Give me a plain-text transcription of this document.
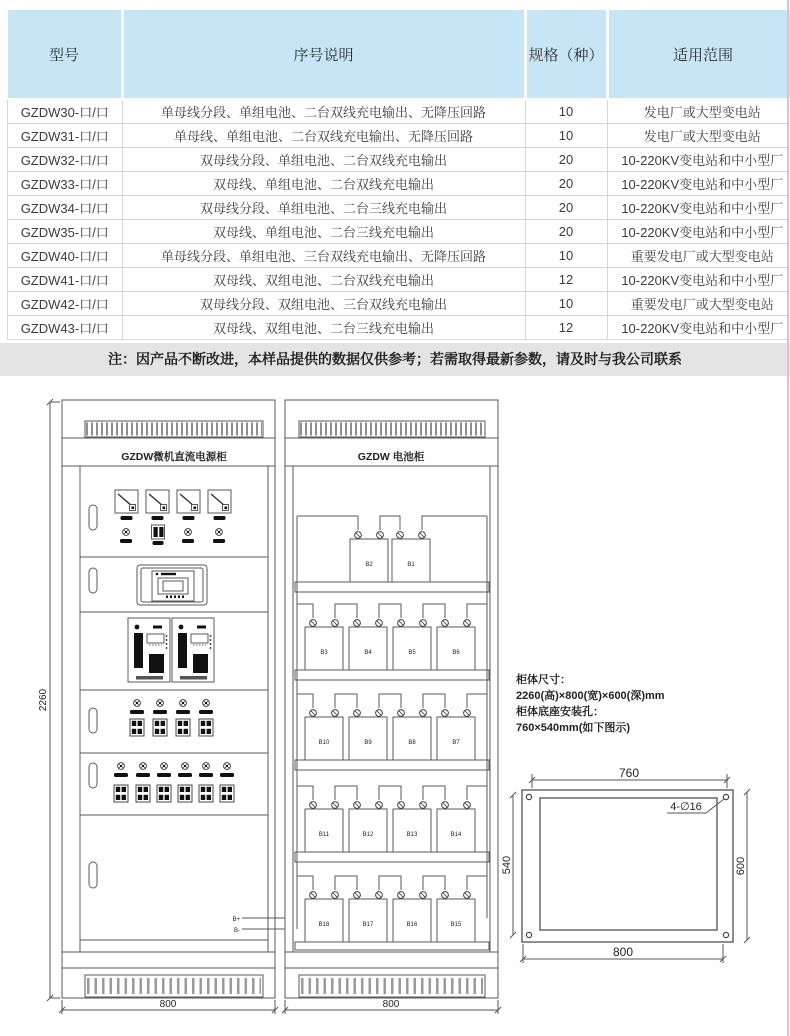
型号	序号说明	规格（种）	适用范围
GZDW30-口/口	单母线分段、单组电池、二台双线充电输出、无降压回路	10	发电厂或大型变电站
GZDW31-口/口	单母线、单组电池、二台双线充电输出、无降压回路	10	发电厂或大型变电站
GZDW32-口/口	双母线分段、单组电池、二台双线充电输出	20	10-220KV变电站和中小型厂
GZDW33-口/口	双母线、单组电池、二台双线充电输出	20	10-220KV变电站和中小型厂
GZDW34-口/口	双母线分段、单组电池、二台三线充电输出	20	10-220KV变电站和中小型厂
GZDW35-口/口	双母线、单组电池、二台三线充电输出	20	10-220KV变电站和中小型厂
GZDW40-口/口	单母线分段、单组电池、三台双线充电输出、无降压回路	10	重要发电厂或大型变电站
GZDW41-口/口	双母线、双组电池、二台双线充电输出	12	10-220KV变电站和中小型厂
GZDW42-口/口	双母线分段、双组电池、三台双线充电输出	10	重要发电厂或大型变电站
GZDW43-口/口	双母线、双组电池、二台三线充电输出	12	10-220KV变电站和中小型厂
注：因产品不断改进，本样品提供的数据仅供参考；若需取得最新参数，请及时与我公司联系
GZDW微机直流电源柜
B+
B-
GZDW 电池柜
B2	B1
B3	B4	B5	B6
B10	B9	B8	B7
B11	B12	B13	B14
B18	B17	B16	B15
2260
800	800
柜体尺寸：
2260(高)×800(宽)×600(深)mm
柜体底座安装孔：
760×540mm(如下图示)
760
800
540	600
4-∅16
